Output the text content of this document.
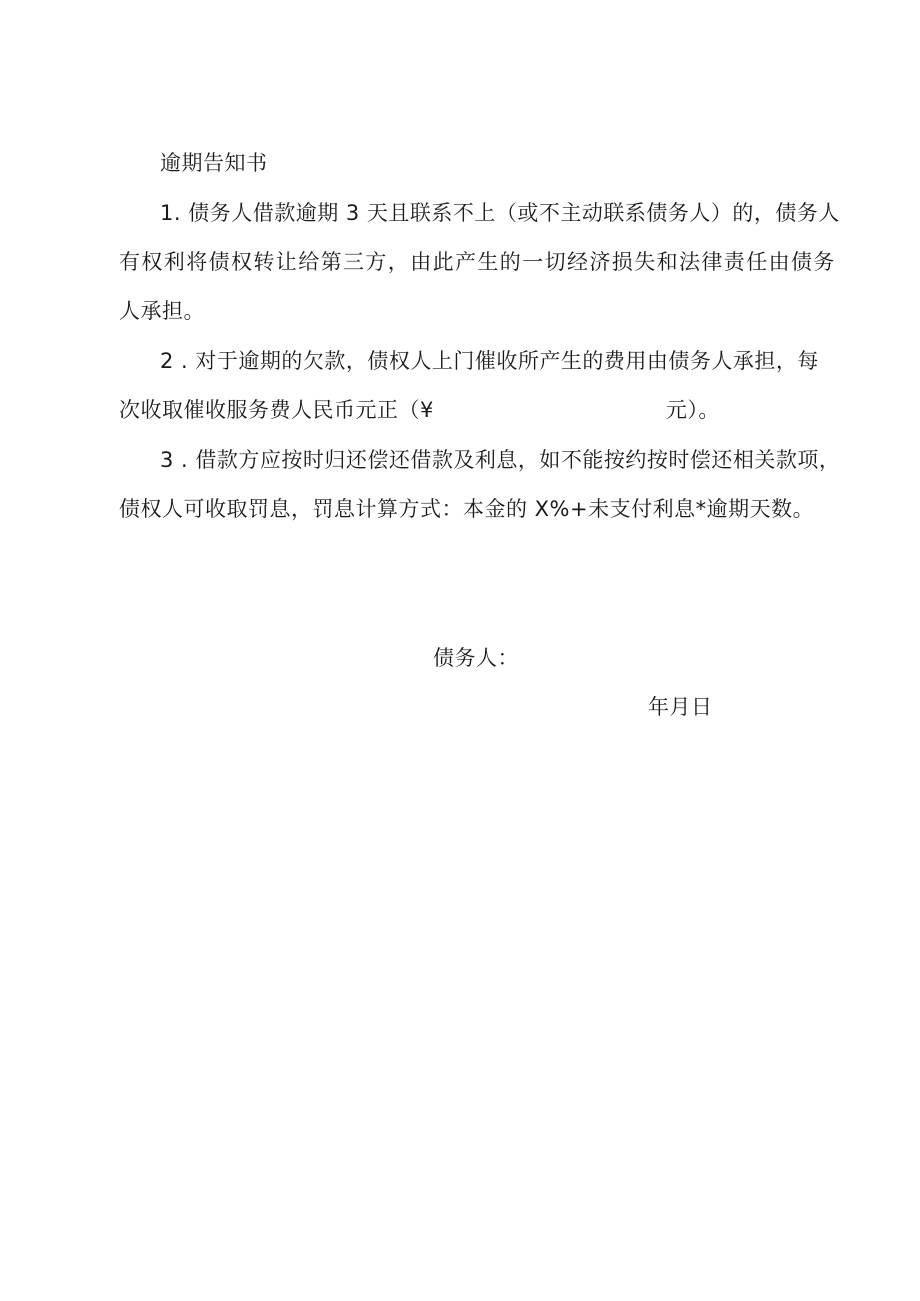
逾期告知书
1. 债务人借款逾期 3 天且联系不上（或不主动联系债务人）的，债务人
有权利将债权转让给第三方，由此产生的一切经济损失和法律责任由债务
人承担。
2 . 对于逾期的欠款，债权人上门催收所产生的费用由债务人承担，每
次收取催收服务费人民币元正（¥	元）。
3 . 借款方应按时归还偿还借款及利息，如不能按约按时偿还相关款项，
债权人可收取罚息，罚息计算方式：本金的 X%+未支付利息*逾期天数。
债务人：
年月日
